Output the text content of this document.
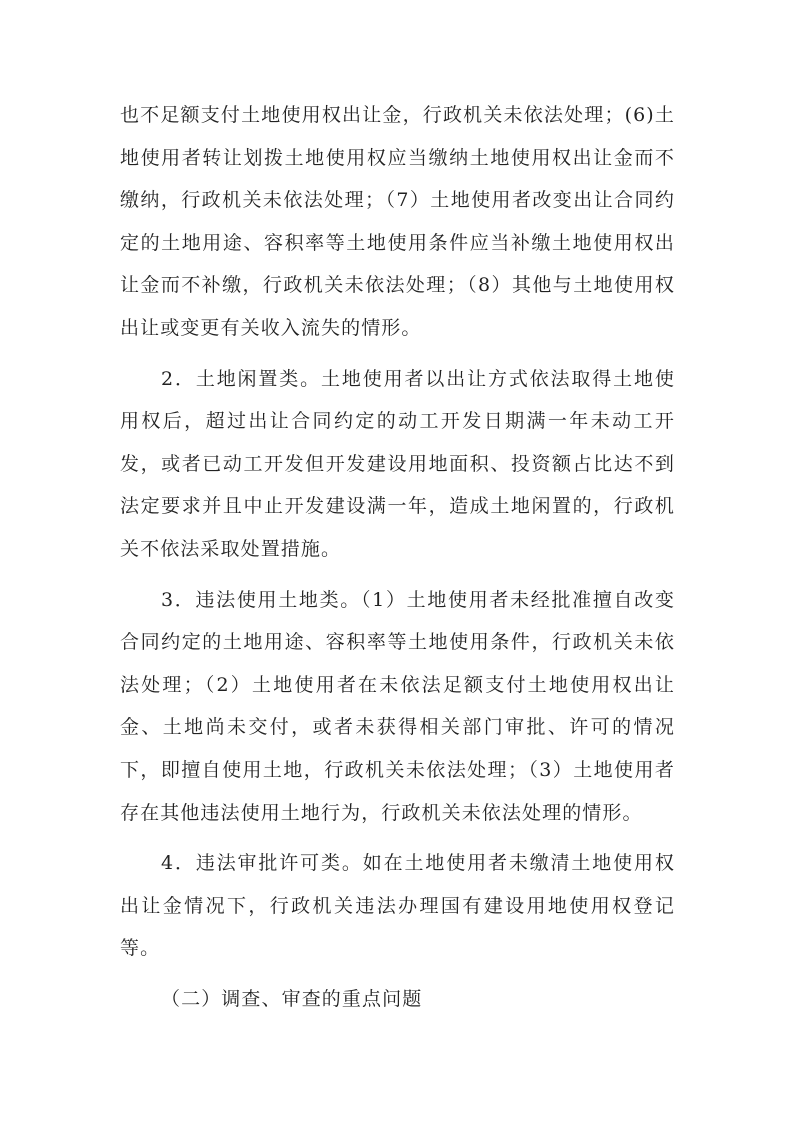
也不足额支付土地使用权出让金，行政机关未依法处理；(6)土地使用者转让划拨土地使用权应当缴纳土地使用权出让金而不缴纳，行政机关未依法处理；（7）土地使用者改变出让合同约定的土地用途、容积率等土地使用条件应当补缴土地使用权出让金而不补缴，行政机关未依法处理；（8）其他与土地使用权出让或变更有关收入流失的情形。

2．土地闲置类。土地使用者以出让方式依法取得土地使用权后，超过出让合同约定的动工开发日期满一年未动工开发，或者已动工开发但开发建设用地面积、投资额占比达不到法定要求并且中止开发建设满一年，造成土地闲置的，行政机关不依法采取处置措施。

3．违法使用土地类。（1）土地使用者未经批准擅自改变合同约定的土地用途、容积率等土地使用条件，行政机关未依法处理；（2）土地使用者在未依法足额支付土地使用权出让金、土地尚未交付，或者未获得相关部门审批、许可的情况下，即擅自使用土地，行政机关未依法处理；（3）土地使用者存在其他违法使用土地行为，行政机关未依法处理的情形。

4．违法审批许可类。如在土地使用者未缴清土地使用权出让金情况下，行政机关违法办理国有建设用地使用权登记等。

（二）调查、审查的重点问题
